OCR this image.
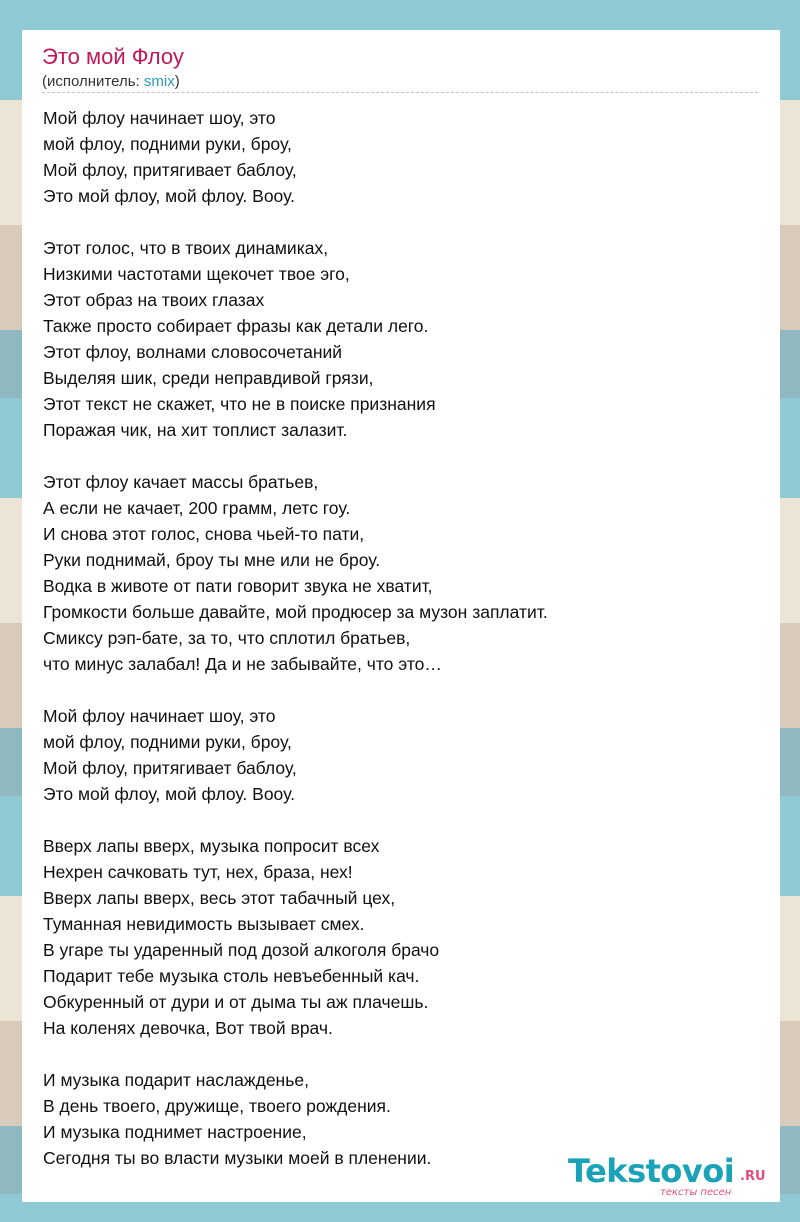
Это мой Флоу
(исполнитель: smix)
Мой флоу начинает шоу, это
мой флоу, подними руки, броу,
Мой флоу, притягивает баблоу,
Это мой флоу, мой флоу. Вооу.
Этот голос, что в твоих динамиках,
Низкими частотами щекочет твое эго,
Этот образ на твоих глазах
Также просто собирает фразы как детали лего.
Этот флоу, волнами словосочетаний
Выделяя шик, среди неправдивой грязи,
Этот текст не скажет, что не в поиске признания
Поражая чик, на хит топлист залазит.
Этот флоу качает массы братьев,
А если не качает, 200 грамм, летс гоу.
И снова этот голос, снова чьей-то пати,
Руки поднимай, броу ты мне или не броу.
Водка в животе от пати говорит звука не хватит,
Громкости больше давайте, мой продюсер за музон заплатит.
Смиксу рэп-бате, за то, что сплотил братьев,
что минус залабал! Да и не забывайте, что это…
Мой флоу начинает шоу, это
мой флоу, подними руки, броу,
Мой флоу, притягивает баблоу,
Это мой флоу, мой флоу. Вооу.
Вверх лапы вверх, музыка попросит всех
Нехрен сачковать тут, нех, браза, нех!
Вверх лапы вверх, весь этот табачный цех,
Туманная невидимость вызывает смех.
В угаре ты ударенный под дозой алкоголя брачо
Подарит тебе музыка столь невъебенный кач.
Обкуренный от дури и от дыма ты аж плачешь.
На коленях девочка, Вот твой врач.
И музыка подарит наслажденье,
В день твоего, дружище, твоего рождения.
И музыка поднимет настроение,
Сегодня ты во власти музыки моей в пленении.	Tekstovoi .RU
тексты песен
